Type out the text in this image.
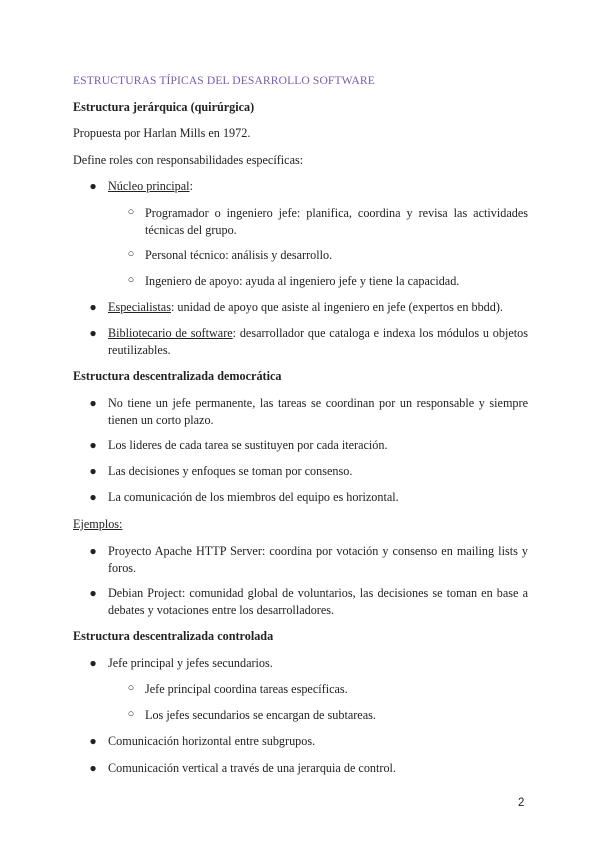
ESTRUCTURAS TÍPICAS DEL DESARROLLO SOFTWARE
Estructura jerárquica (quirúrgica)
Propuesta por Harlan Mills en 1972.
Define roles con responsabilidades específicas:
● Núcleo principal:
○ Programador o ingeniero jefe: planifica, coordina y revisa las actividades técnicas del grupo.
○ Personal técnico: análisis y desarrollo.
○ Ingeniero de apoyo: ayuda al ingeniero jefe y tiene la capacidad.
● Especialistas: unidad de apoyo que asiste al ingeniero en jefe (expertos en bbdd).
● Bibliotecario de software: desarrollador que cataloga e indexa los módulos u objetos reutilizables.
Estructura descentralizada democrática
● No tiene un jefe permanente, las tareas se coordinan por un responsable y siempre tienen un corto plazo.
● Los lideres de cada tarea se sustituyen por cada iteración.
● Las decisiones y enfoques se toman por consenso.
● La comunicación de los miembros del equipo es horizontal.
Ejemplos:
● Proyecto Apache HTTP Server: coordina por votación y consenso en mailing lists y foros.
● Debian Project: comunidad global de voluntarios, las decisiones se toman en base a debates y votaciones entre los desarrolladores.
Estructura descentralizada controlada
● Jefe principal y jefes secundarios.
○ Jefe principal coordina tareas específicas.
○ Los jefes secundarios se encargan de subtareas.
● Comunicación horizontal entre subgrupos.
● Comunicación vertical a través de una jerarquia de control.
2
